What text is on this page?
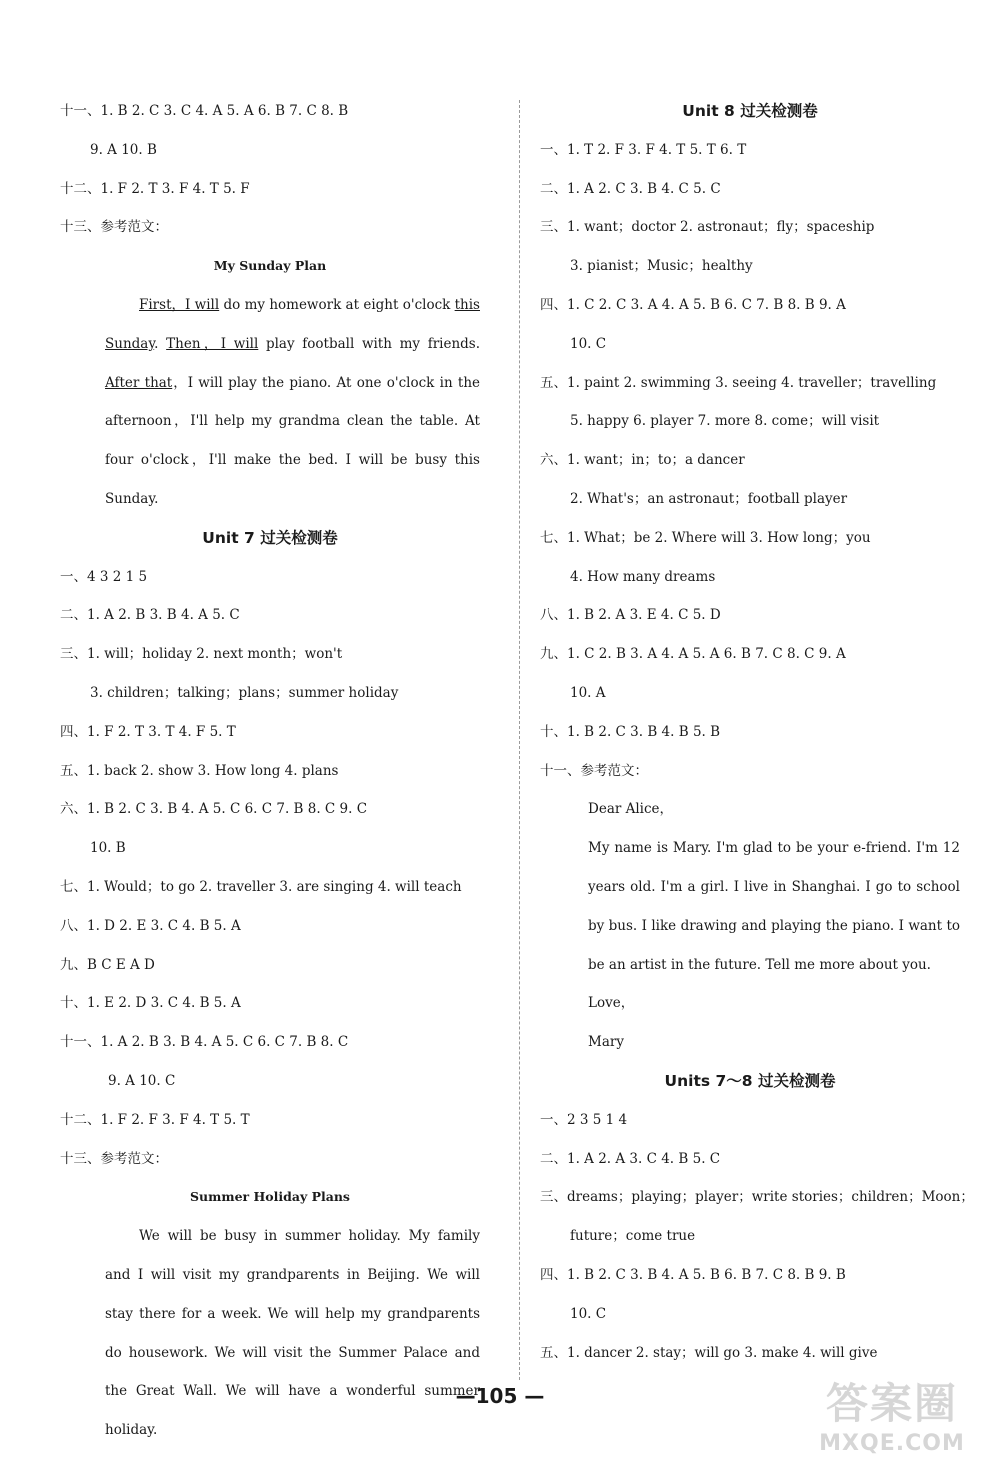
十一、1. B 2. C 3. C 4. A 5. A 6. B 7. C 8. B
9. A 10. B
十二、1. F 2. T 3. F 4. T 5. F
十三、参考范文：
My Sunday Plan

First，I will do my homework at eight o'clock this Sunday. Then，I will play football with my friends. After that，I will play the piano. At one o'clock in the afternoon，I'll help my grandma clean the table. At four o'clock，I'll make the bed. I will be busy this Sunday.

Unit 7 过关检测卷
一、4 3 2 1 5
二、1. A 2. B 3. B 4. A 5. C
三、1. will；holiday 2. next month；won't
3. children；talking；plans；summer holiday
四、1. F 2. T 3. T 4. F 5. T
五、1. back 2. show 3. How long 4. plans
六、1. B 2. C 3. B 4. A 5. C 6. C 7. B 8. C 9. C
10. B
七、1. Would；to go 2. traveller 3. are singing 4. will teach
八、1. D 2. E 3. C 4. B 5. A
九、B C E A D
十、1. E 2. D 3. C 4. B 5. A
十一、1. A 2. B 3. B 4. A 5. C 6. C 7. B 8. C
9. A 10. C
十二、1. F 2. F 3. F 4. T 5. T
十三、参考范文：
Summer Holiday Plans

We will be busy in summer holiday. My family and I will visit my grandparents in Beijing. We will stay there for a week. We will help my grandparents do housework. We will visit the Summer Palace and the Great Wall. We will have a wonderful summer holiday.

Unit 8 过关检测卷
一、1. T 2. F 3. F 4. T 5. T 6. T
二、1. A 2. C 3. B 4. C 5. C
三、1. want；doctor 2. astronaut；fly；spaceship
3. pianist；Music；healthy
四、1. C 2. C 3. A 4. A 5. B 6. C 7. B 8. B 9. A
10. C
五、1. paint 2. swimming 3. seeing 4. traveller；travelling
5. happy 6. player 7. more 8. come；will visit
六、1. want；in；to；a dancer
2. What's；an astronaut；football player
七、1. What；be 2. Where will 3. How long；you
4. How many dreams
八、1. B 2. A 3. E 4. C 5. D
九、1. C 2. B 3. A 4. A 5. A 6. B 7. C 8. C 9. A
10. A
十、1. B 2. C 3. B 4. B 5. B
十一、参考范文：
Dear Alice，

My name is Mary. I'm glad to be your e-friend. I'm 12 years old. I'm a girl. I live in Shanghai. I go to school by bus. I like drawing and playing the piano. I want to be an artist in the future. Tell me more about you.

Love，
Mary
Units 7～8 过关检测卷
一、2 3 5 1 4
二、1. A 2. A 3. C 4. B 5. C
三、dreams；playing；player；write stories；children；Moon；
future；come true
四、1. B 2. C 3. B 4. A 5. B 6. B 7. C 8. B 9. B
10. C
五、1. dancer 2. stay；will go 3. make 4. will give
—105 —	答案圈
MXQE.COM
